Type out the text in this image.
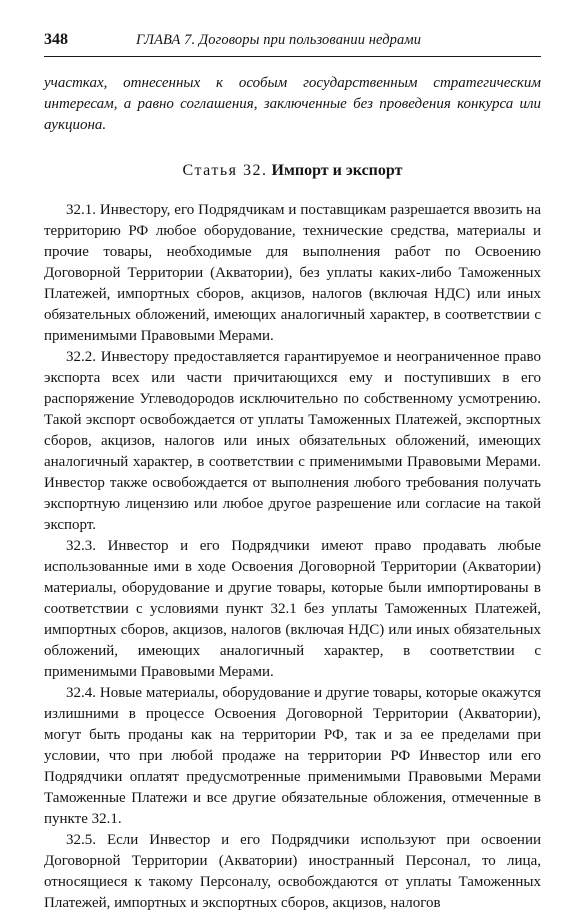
348	ГЛАВА 7. Договоры при пользовании недрами

участках, отнесенных к особым государственным стратегическим интересам, а равно соглашения, заключенные без проведения конкурса или аукциона.

Статья 32. Импорт и экспорт

32.1. Инвестору, его Подрядчикам и поставщикам разрешается ввозить на территорию РФ любое оборудование, технические средства, материалы и прочие товары, необходимые для выполнения работ по Освоению Договорной Территории (Акватории), без уплаты каких-либо Таможенных Платежей, импортных сборов, акцизов, налогов (включая НДС) или иных обязательных обложений, имеющих аналогичный характер, в соответствии с применимыми Правовыми Мерами.

32.2. Инвестору предоставляется гарантируемое и неограниченное право экспорта всех или части причитающихся ему и поступивших в его распоряжение Углеводородов исключительно по собственному усмотрению. Такой экспорт освобождается от уплаты Таможенных Платежей, экспортных сборов, акцизов, налогов или иных обязательных обложений, имеющих аналогичный характер, в соответствии с применимыми Правовыми Мерами. Инвестор также освобождается от выполнения любого требования получать экспортную лицензию или любое другое разрешение или согласие на такой экспорт.

32.3. Инвестор и его Подрядчики имеют право продавать любые использованные ими в ходе Освоения Договорной Территории (Акватории) материалы, оборудование и другие товары, которые были импортированы в соответствии с условиями пункт 32.1 без уплаты Таможенных Платежей, импортных сборов, акцизов, налогов (включая НДС) или иных обязательных обложений, имеющих аналогичный характер, в соответствии с применимыми Правовыми Мерами.

32.4. Новые материалы, оборудование и другие товары, которые окажутся излишними в процессе Освоения Договорной Территории (Акватории), могут быть проданы как на территории РФ, так и за ее пределами при условии, что при любой продаже на территории РФ Инвестор или его Подрядчики оплатят предусмотренные применимыми Правовыми Мерами Таможенные Платежи и все другие обязательные обложения, отмеченные в пункте 32.1.

32.5. Если Инвестор и его Подрядчики используют при освоении Договорной Территории (Акватории) иностранный Персонал, то лица, относящиеся к такому Персоналу, освобождаются от уплаты Таможенных Платежей, импортных и экспортных сборов, акцизов, налогов
